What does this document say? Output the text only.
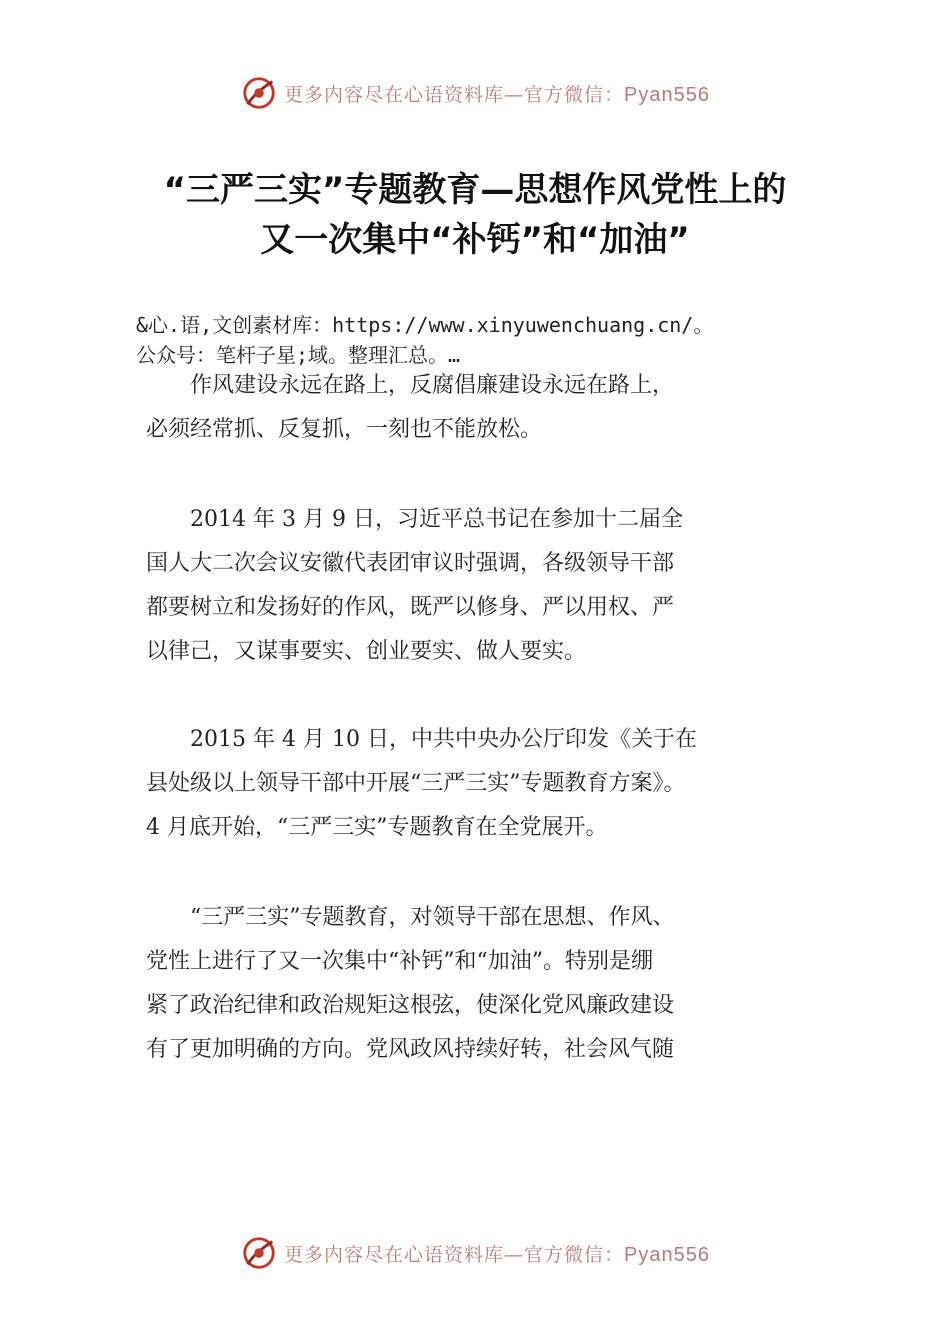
更多内容尽在心语资料库—官方微信：Pyan556
“三严三实”专题教育—思想作风党性上的
又一次集中“补钙”和“加油”
&心.语,文创素材库：https://www.xinyuwenchuang.cn/。
公众号：笔杆子星;域。整理汇总。…
　　作风建设永远在路上，反腐倡廉建设永远在路上，
必须经常抓、反复抓，一刻也不能放松。
　　2014 年 3 月 9 日，习近平总书记在参加十二届全
国人大二次会议安徽代表团审议时强调，各级领导干部
都要树立和发扬好的作风，既严以修身、严以用权、严
以律己，又谋事要实、创业要实、做人要实。
　　2015 年 4 月 10 日，中共中央办公厅印发《关于在
县处级以上领导干部中开展“三严三实”专题教育方案》。
4 月底开始，“三严三实”专题教育在全党展开。
　　“三严三实”专题教育，对领导干部在思想、作风、
党性上进行了又一次集中“补钙”和“加油”。特别是绷
紧了政治纪律和政治规矩这根弦，使深化党风廉政建设
有了更加明确的方向。党风政风持续好转，社会风气随
更多内容尽在心语资料库—官方微信：Pyan556
